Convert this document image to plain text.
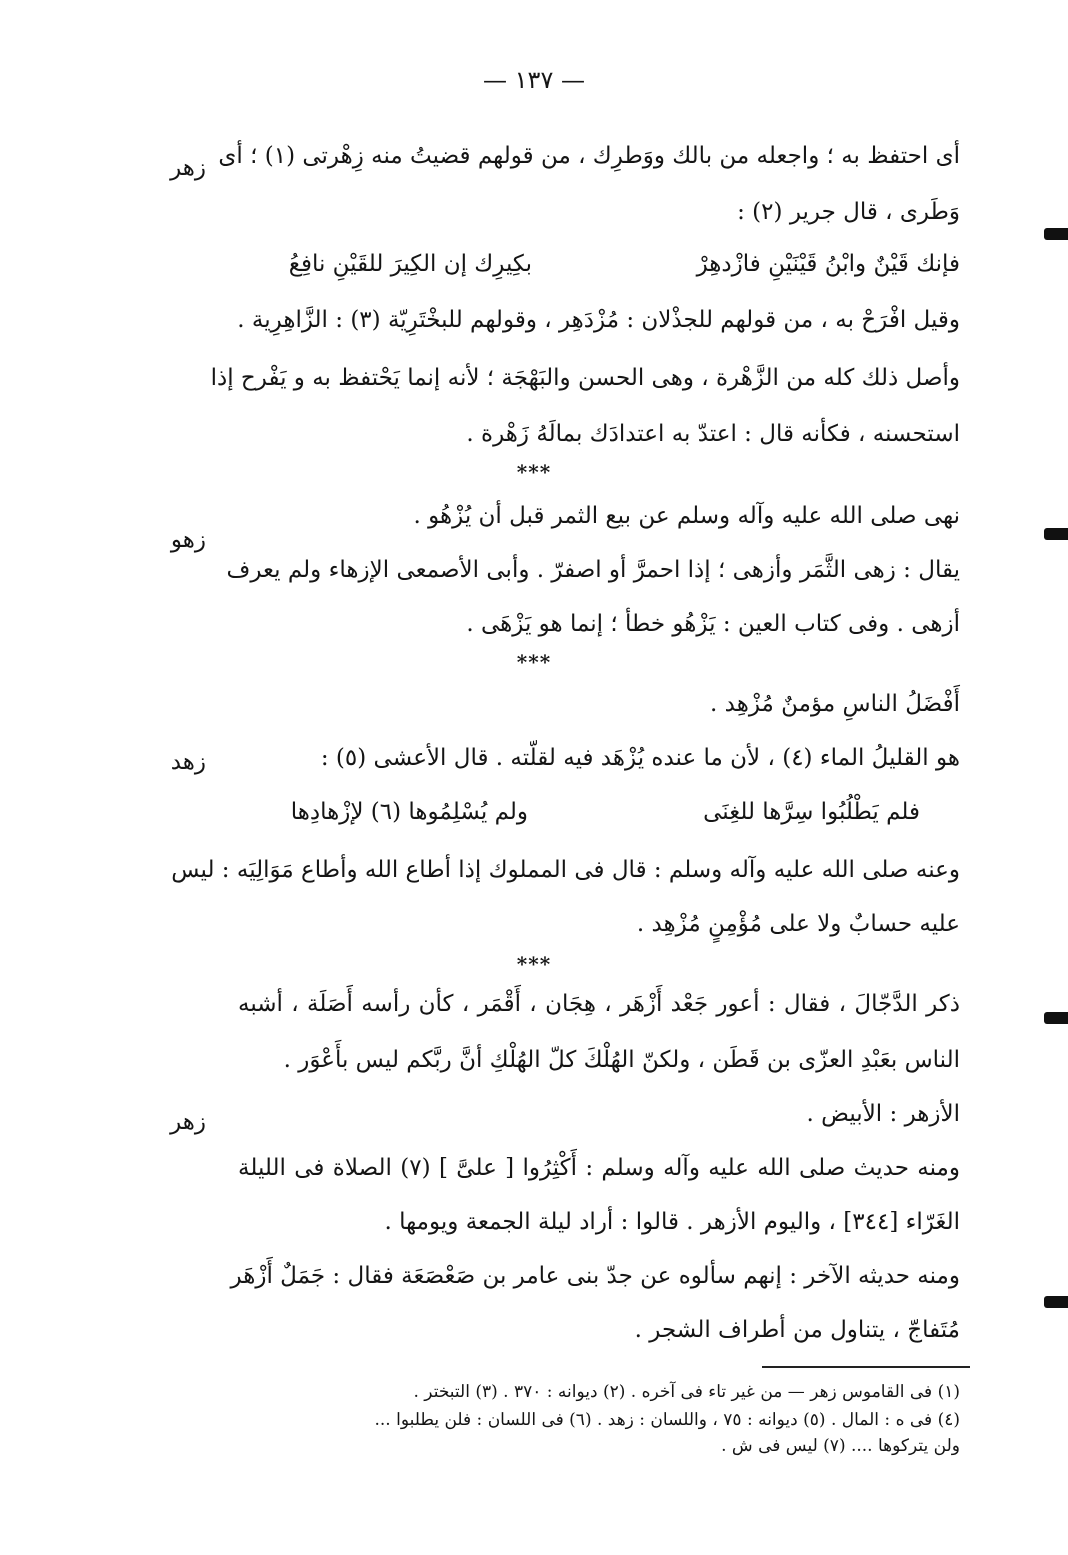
— ١٣٧ —
زهر
زهو
زهد
زهر
أى احتفظ به ؛ واجعله من بالك ووَطرِك ، من قولهم قضيتُ منه زِهْرتى (١) ؛ أى
وَطَرى ، قال جرير (٢) :
فإنك قَيْنٌ وابْنُ قَيْنَيْنِ فازْدهِرْ
بكِيرِك إن الكِيرَ للقَيْنِ نافِعُ
وقيل افْرَحْ به ، من قولهم للجذْلان : مُزْدَهِر ، وقولهم للبخْتَرِيّة (٣) : الزَّاهِرِية .
وأصل ذلك كله من الزَّهْرة ، وهى الحسن والبَهْجَة ؛ لأنه إنما يَحْتفظ به و يَفْرح إذا
استحسنه ، فكأنه قال : اعتدّ به اعتدادَك بمالَهُ زَهْرة .
***
نهى صلى الله عليه وآله وسلم عن بيع الثمر قبل أن يُزْهُو .
يقال : زهى الثَّمَر وأزهى ؛ إذا احمرَّ أو اصفرّ . وأبى الأصمعى الإزهاء ولم يعرف
أزهى . وفى كتاب العين : يَزْهُو خطأ ؛ إنما هو يَزْهَى .
***
أَفْضَلُ الناسِ مؤمنٌ مُزْهِد .
هو القليلُ الماء (٤) ، لأن ما عنده يُزْهَد فيه لقلّته . قال الأعشى (٥) :
فلم يَطْلُبُوا سِرَّها للغِنَى
ولم يُسْلِمُوها (٦) لإزْهادِها
وعنه صلى الله عليه وآله وسلم : قال فى المملوك إذا أطاع الله وأطاع مَوَالِيَه : ليس
عليه حسابٌ ولا على مُؤْمِنٍ مُزْهِد .
***
ذكر الدَّجّالَ ، فقال : أعور جَعْد أَزْهَر ، هِجَان ، أَقْمَر ، كأن رأسه أَصَلَة ، أشبه
الناس بعَبْدِ العزّى بن قَطَن ، ولكنّ الهُلْكَ كلّ الهُلْكِ أنَّ ربَّكم ليس بأَعْوَر .
الأزهر : الأبيض .
ومنه حديث صلى الله عليه وآله وسلم : أَكْثِرُوا [ علىَّ ] (٧) الصلاة فى الليلة
الغَرّاء [٣٤٤] ، واليوم الأزهر . قالوا : أراد ليلة الجمعة ويومها .
ومنه حديثه الآخر : إنهم سألوه عن جدّ بنى عامر بن صَعْصَعَة فقال : جَمَلٌ أَزْهَر
مُتَفاجّ ، يتناول من أطراف الشجر .
(١) فى القاموس زهر — من غير تاء فى آخره . (٢) ديوانه : ٣٧٠ . (٣) التبختر .
(٤) فى ه : المال . (٥) ديوانه : ٧٥ ، واللسان : زهد . (٦) فى اللسان : فلن يطلبوا ...
ولن يتركوها .... (٧) ليس فى ش .
